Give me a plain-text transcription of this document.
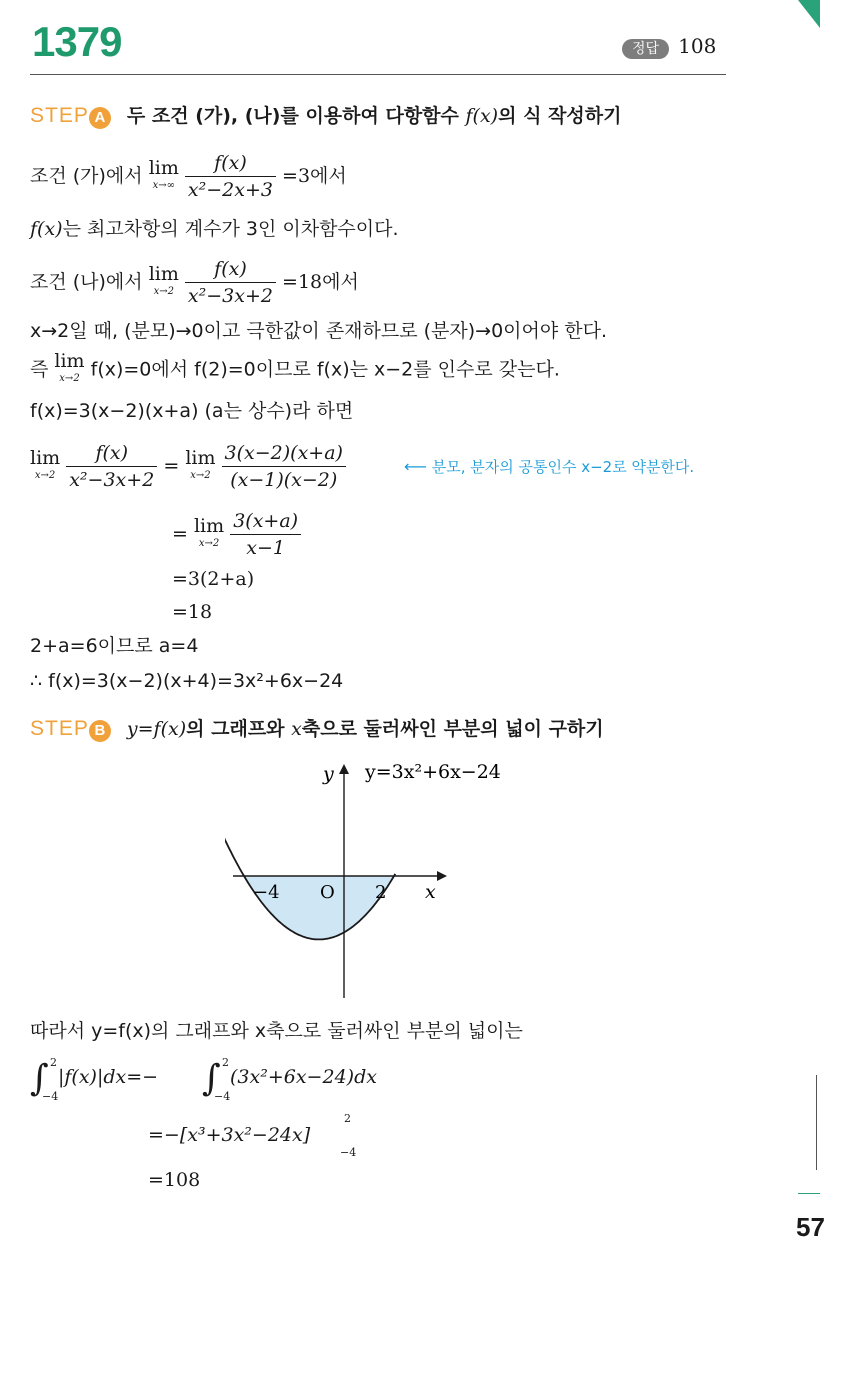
1379	정답 108
STEP A 두 조건 (가), (나)를 이용하여 다항함수 f(x)의 식 작성하기
조건 (가)에서 lim
x→∞
$\frac{f(x)}{\text{x²−2x+3}} =3$에서
f(x)는 최고차항의 계수가 3인 이차함수이다.
조건 (나)에서 lim
x→2
$\frac{f(x)}{\text{x²−3x+2}} =18$에서
x→2일 때, (분모)→0이고 극한값이 존재하므로 (분자)→0이어야 한다.
즉 lim
x→2 f(x)=0에서 f(2)=0이므로 f(x)는 x−2를 인수로 갖는다.
f(x)=3(x−2)(x+a) (a는 상수)라 하면
lim
x→2
$\frac{f(x)}{\text{x²−3x+2}} = \lim$
x→2
$\frac{3(x-2)(x+a)}{(x-1)(x-2)}$	⟵ 분모, 분자의 공통인수 x−2로 약분한다.
= lim
x→2
$\frac{3(x+a)}{x-1}$
=3(2+a)
=18
2+a=6이므로 a=4
∴ f(x)=3(x−2)(x+4)=3x²+6x−24
STEP B y=f(x)의 그래프와 x축으로 둘러싸인 부분의 넓이 구하기
y y=3x²+6x−24
x
O
−4	2
따라서 y=f(x)의 그래프와 x축으로 둘러싸인 부분의 넓이는
∫ 2
−4
|f(x)|dx=− ∫ 2
−4
(3x²+6x−24)dx
=−[x³+3x²−24x]
2
−4
=108
57
